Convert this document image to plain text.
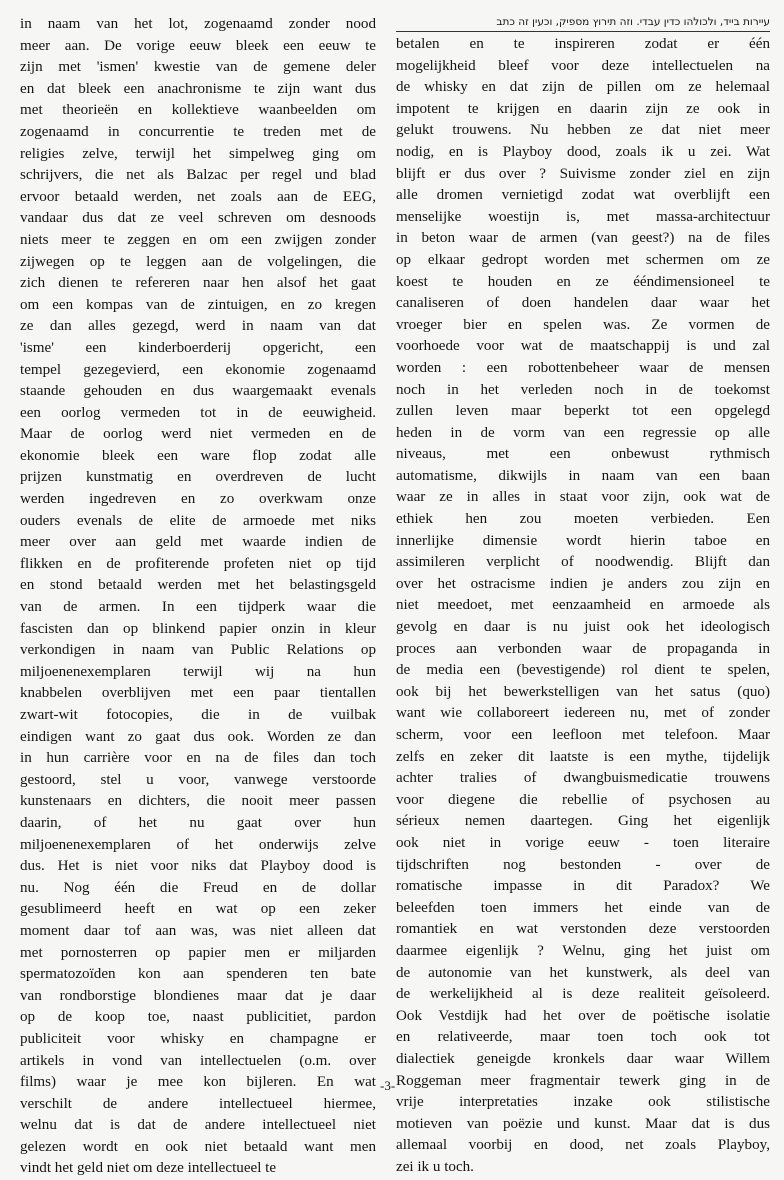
in naam van het lot, zogenaamd zonder nood
meer aan. De vorige eeuw bleek een eeuw te
zijn met 'ismen' kwestie van de gemene deler
en dat bleek een anachronisme te zijn want dus
met theorieën en kollektieve waanbeelden om
zogenaamd in concurrentie te treden met de
religies zelve, terwijl het simpelweg ging om
schrijvers, die net als Balzac per regel und blad
ervoor betaald werden, net zoals aan de EEG,
vandaar dus dat ze veel schreven om desnoods
niets meer te zeggen en om een zwijgen zonder
zijwegen op te leggen aan de volgelingen, die
zich dienen te refereren naar hen alsof het gaat
om een kompas van de zintuigen, en zo kregen
ze dan alles gezegd, werd in naam van dat
'isme' een kinderboerderij opgericht, een
tempel gezegevierd, een ekonomie zogenaamd
staande gehouden en dus waargemaakt evenals
een oorlog vermeden tot in de eeuwigheid.
Maar de oorlog werd niet vermeden en de
ekonomie bleek een ware flop zodat alle
prijzen kunstmatig en overdreven de lucht
werden ingedreven en zo overkwam onze
ouders evenals de elite de armoede met niks
meer over aan geld met waarde indien de
flikken en de profiterende profeten niet op tijd
en stond betaald werden met het belastingsgeld
van de armen. In een tijdperk waar die
fascisten dan op blinkend papier onzin in kleur
verkondigen in naam van Public Relations op
miljoenenexemplaren terwijl wij na hun
knabbelen overblijven met een paar tientallen
zwart-wit fotocopies, die in de vuilbak
eindigen want zo gaat dus ook. Worden ze dan
in hun carrière voor en na de files dan toch
gestoord, stel u voor, vanwege verstoorde
kunstenaars en dichters, die nooit meer passen
daarin, of het nu gaat over hun
miljoenenexemplaren of het onderwijs zelve
dus. Het is niet voor niks dat Playboy dood is
nu. Nog één die Freud en de dollar
gesublimeerd heeft en wat op een zeker
moment daar tof aan was, was niet alleen dat
met pornosterren op papier men er miljarden
spermatozoïden kon aan spenderen ten bate
van rondborstige blondienes maar dat je daar
op de koop toe, naast publicitiet, pardon
publiciteit voor whisky en champagne er
artikels in vond van intellectuelen (o.m. over
films) waar je mee kon bijleren. En wat
verschilt de andere intellectueel hiermee,
welnu dat is dat de andere intellectueel niet
gelezen wordt en ook niet betaald want men
vindt het geld niet om deze intellectueel te
עיירות בייד, ולכולהו כדין עבדי. וזה תירוץ מספיק, וכעין זה כתב
betalen en te inspireren zodat er één
mogelijkheid bleef voor deze intellectuelen na
de whisky en dat zijn de pillen om ze helemaal
impotent te krijgen en daarin zijn ze ook in
gelukt trouwens. Nu hebben ze dat niet meer
nodig, en is Playboy dood, zoals ik u zei. Wat
blijft er dus over ? Suivisme zonder ziel en zijn
alle dromen vernietigd zodat wat overblijft een
menselijke woestijn is, met massa-architectuur
in beton waar de armen (van geest?) na de files
op elkaar gedropt worden met schermen om ze
koest te houden en ze ééndimensioneel te
canaliseren of doen handelen daar waar het
vroeger bier en spelen was. Ze vormen de
voorhoede voor wat de maatschappij is und zal
worden : een robottenbeheer waar de mensen
noch in het verleden noch in de toekomst
zullen leven maar beperkt tot een opgelegd
heden in de vorm van een regressie op alle
niveaus, met een onbewust rythmisch
automatisme, dikwijls in naam van een baan
waar ze in alles in staat voor zijn, ook wat de
ethiek hen zou moeten verbieden. Een
innerlijke dimensie wordt hierin taboe en
assimileren verplicht of noodwendig. Blijft dan
over het ostracisme indien je anders zou zijn en
niet meedoet, met eenzaamheid en armoede als
gevolg en daar is nu juist ook het ideologisch
proces aan verbonden waar de propaganda in
de media een (bevestigende) rol dient te spelen,
ook bij het bewerkstelligen van het satus (quo)
want wie collaboreert iedereen nu, met of zonder
scherm, voor een leefloon met telefoon. Maar
zelfs en zeker dit laatste is een mythe, tijdelijk
achter tralies of dwangbuismedicatie trouwens
voor diegene die rebellie of psychosen au
sérieux nemen daartegen. Ging het eigenlijk
ook niet in vorige eeuw - toen literaire
tijdschriften nog bestonden - over de
romatische impasse in dit Paradox? We
beleefden toen immers het einde van de
romantiek en wat verstonden deze verstoorden
daarmee eigenlijk ? Welnu, ging het juist om
de autonomie van het kunstwerk, als deel van
de werkelijkheid al is deze realiteit geïsoleerd.
Ook Vestdijk had het over de poëtische isolatie
en relativeerde, maar toen toch ook tot
dialectiek geneigde kronkels daar waar Willem
Roggeman meer fragmentair tewerk ging in de
vrije interpretaties inzake ook stilistische
motieven van poëzie und kunst. Maar dat is dus
allemaal voorbij en dood, net zoals Playboy,
zei ik u toch.
-3-
